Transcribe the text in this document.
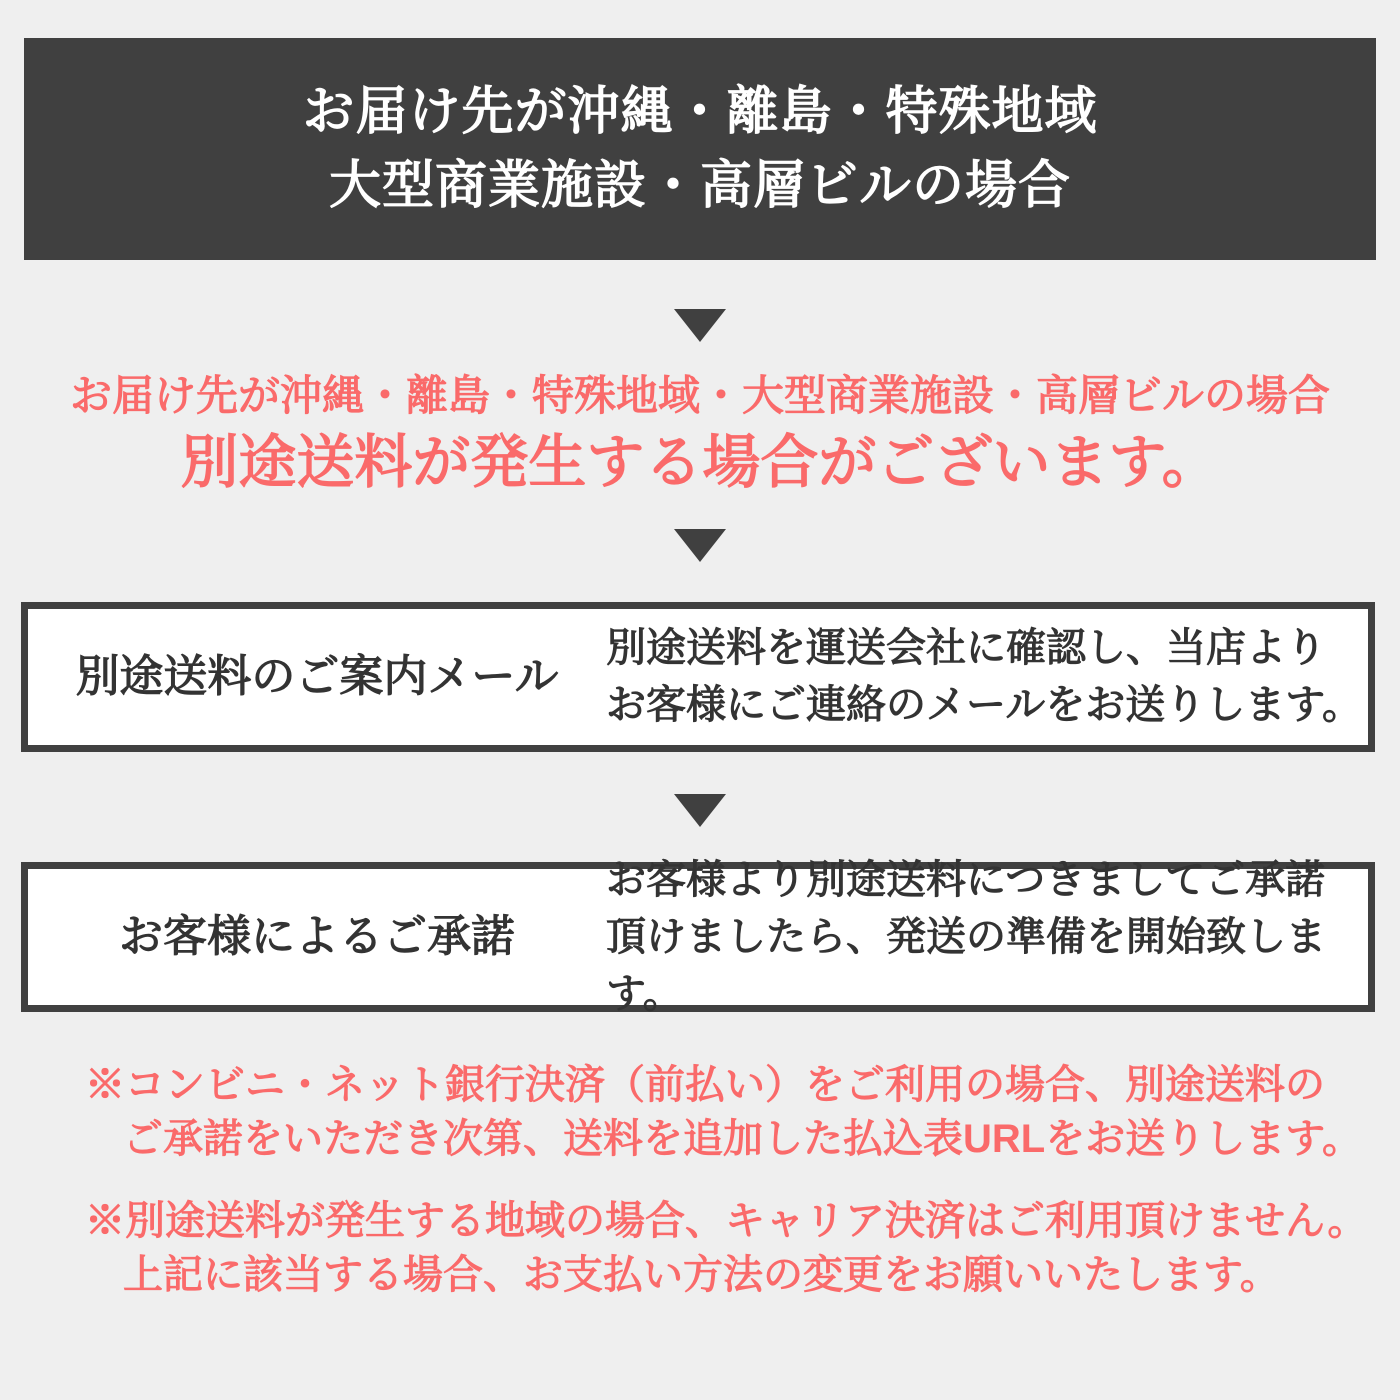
お届け先が沖縄・離島・特殊地域
大型商業施設・高層ビルの場合
お届け先が沖縄・離島・特殊地域・大型商業施設・高層ビルの場合
別途送料が発生する場合がございます。
別途送料のご案内メール
別途送料を運送会社に確認し、当店より
お客様にご連絡のメールをお送りします。
お客様によるご承諾
お客様より別途送料につきましてご承諾
頂けましたら、発送の準備を開始致します。
※コンビニ・ネット銀行決済（前払い）をご利用の場合、別途送料の
ご承諾をいただき次第、送料を追加した払込表URLをお送りします。
※別途送料が発生する地域の場合、キャリア決済はご利用頂けません。
上記に該当する場合、お支払い方法の変更をお願いいたします。
